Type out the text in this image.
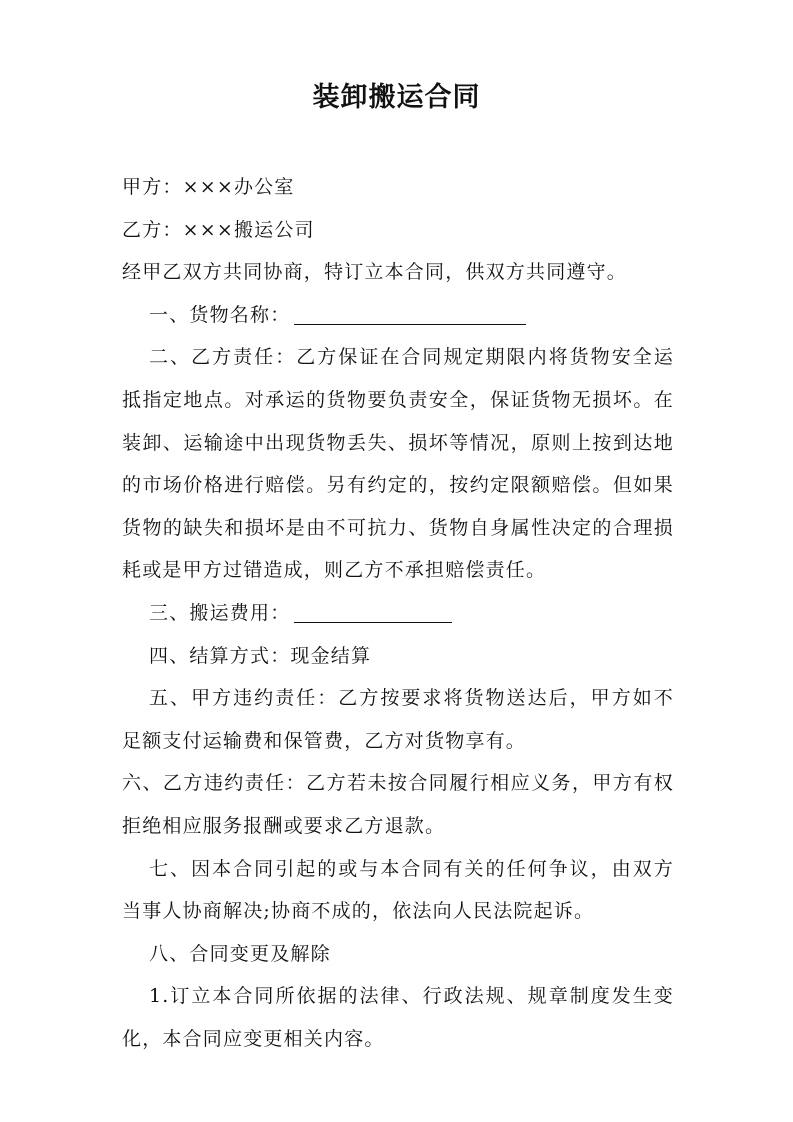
装卸搬运合同

甲方：×××办公室

乙方：×××搬运公司

经甲乙双方共同协商，特订立本合同，供双方共同遵守。

一、货物名称：

二、乙方责任：乙方保证在合同规定期限内将货物安全运抵指定地点。对承运的货物要负责安全，保证货物无损坏。在装卸、运输途中出现货物丢失、损坏等情况，原则上按到达地的市场价格进行赔偿。另有约定的，按约定限额赔偿。但如果货物的缺失和损坏是由不可抗力、货物自身属性决定的合理损耗或是甲方过错造成，则乙方不承担赔偿责任。

三、搬运费用：

四、结算方式：现金结算

五、甲方违约责任：乙方按要求将货物送达后，甲方如不足额支付运输费和保管费，乙方对货物享有。

六、乙方违约责任：乙方若未按合同履行相应义务，甲方有权拒绝相应服务报酬或要求乙方退款。

七、因本合同引起的或与本合同有关的任何争议，由双方当事人协商解决;协商不成的，依法向人民法院起诉。

八、合同变更及解除

1.订立本合同所依据的法律、行政法规、规章制度发生变化，本合同应变更相关内容。
